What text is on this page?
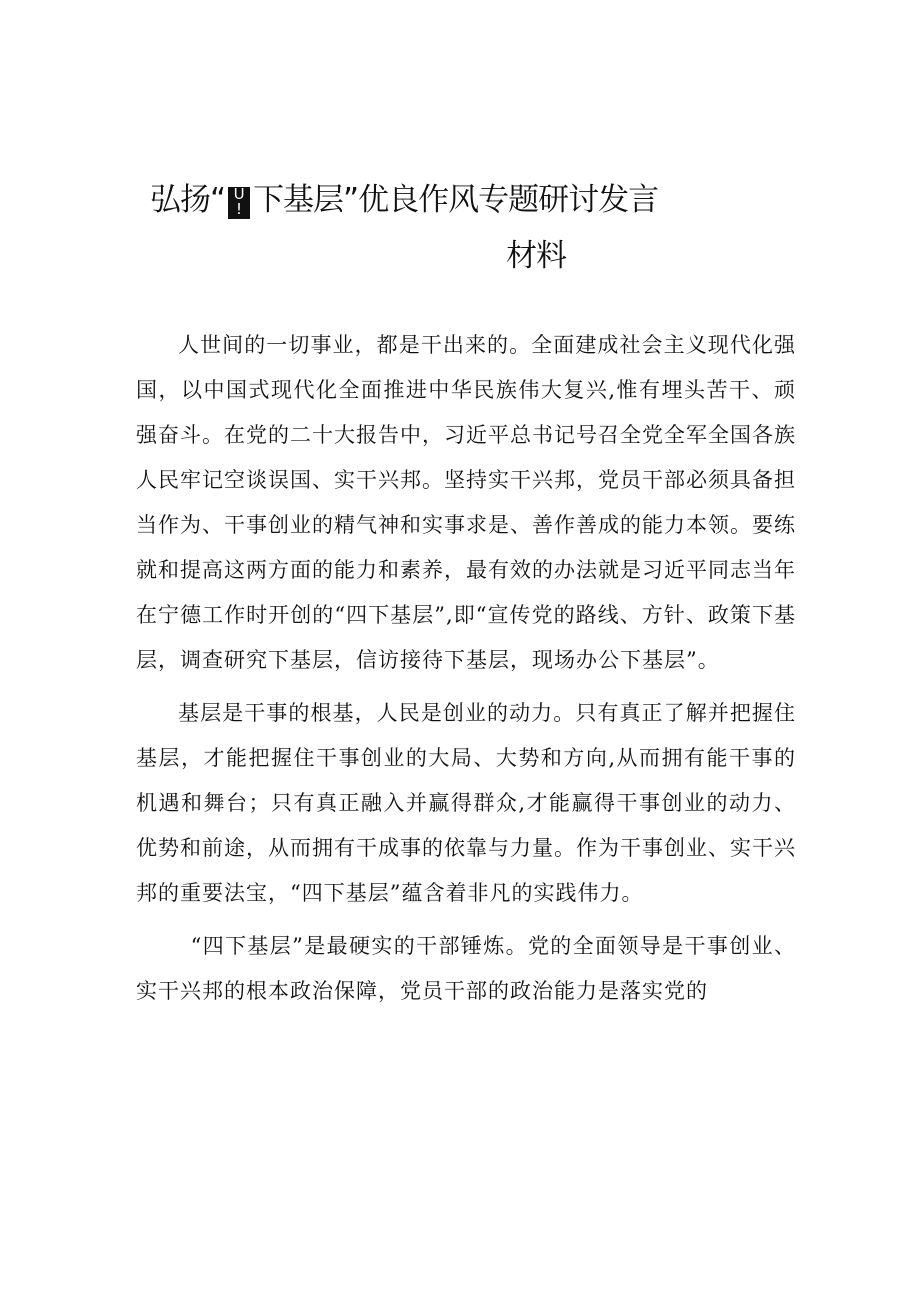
弘扬“ U
! 下基层”优良作风专题研讨发言
材料

人世间的一切事业，都是干出来的。全面建成社会主义现代化强国，以中国式现代化全面推进中华民族伟大复兴,惟有埋头苦干、顽强奋斗。在党的二十大报告中，习近平总书记号召全党全军全国各族人民牢记空谈误国、实干兴邦。坚持实干兴邦，党员干部必须具备担当作为、干事创业的精气神和实事求是、善作善成的能力本领。要练就和提高这两方面的能力和素养，最有效的办法就是习近平同志当年在宁德工作时开创的“四下基层”,即“宣传党的路线、方针、政策下基层，调查研究下基层，信访接待下基层，现场办公下基层”。

基层是干事的根基，人民是创业的动力。只有真正了解并把握住基层，才能把握住干事创业的大局、大势和方向,从而拥有能干事的机遇和舞台；只有真正融入并赢得群众,才能赢得干事创业的动力、优势和前途，从而拥有干成事的依靠与力量。作为干事创业、实干兴邦的重要法宝，“四下基层”蕴含着非凡的实践伟力。

“四下基层”是最硬实的干部锤炼。党的全面领导是干事创业、实干兴邦的根本政治保障，党员干部的政治能力是落实党的
